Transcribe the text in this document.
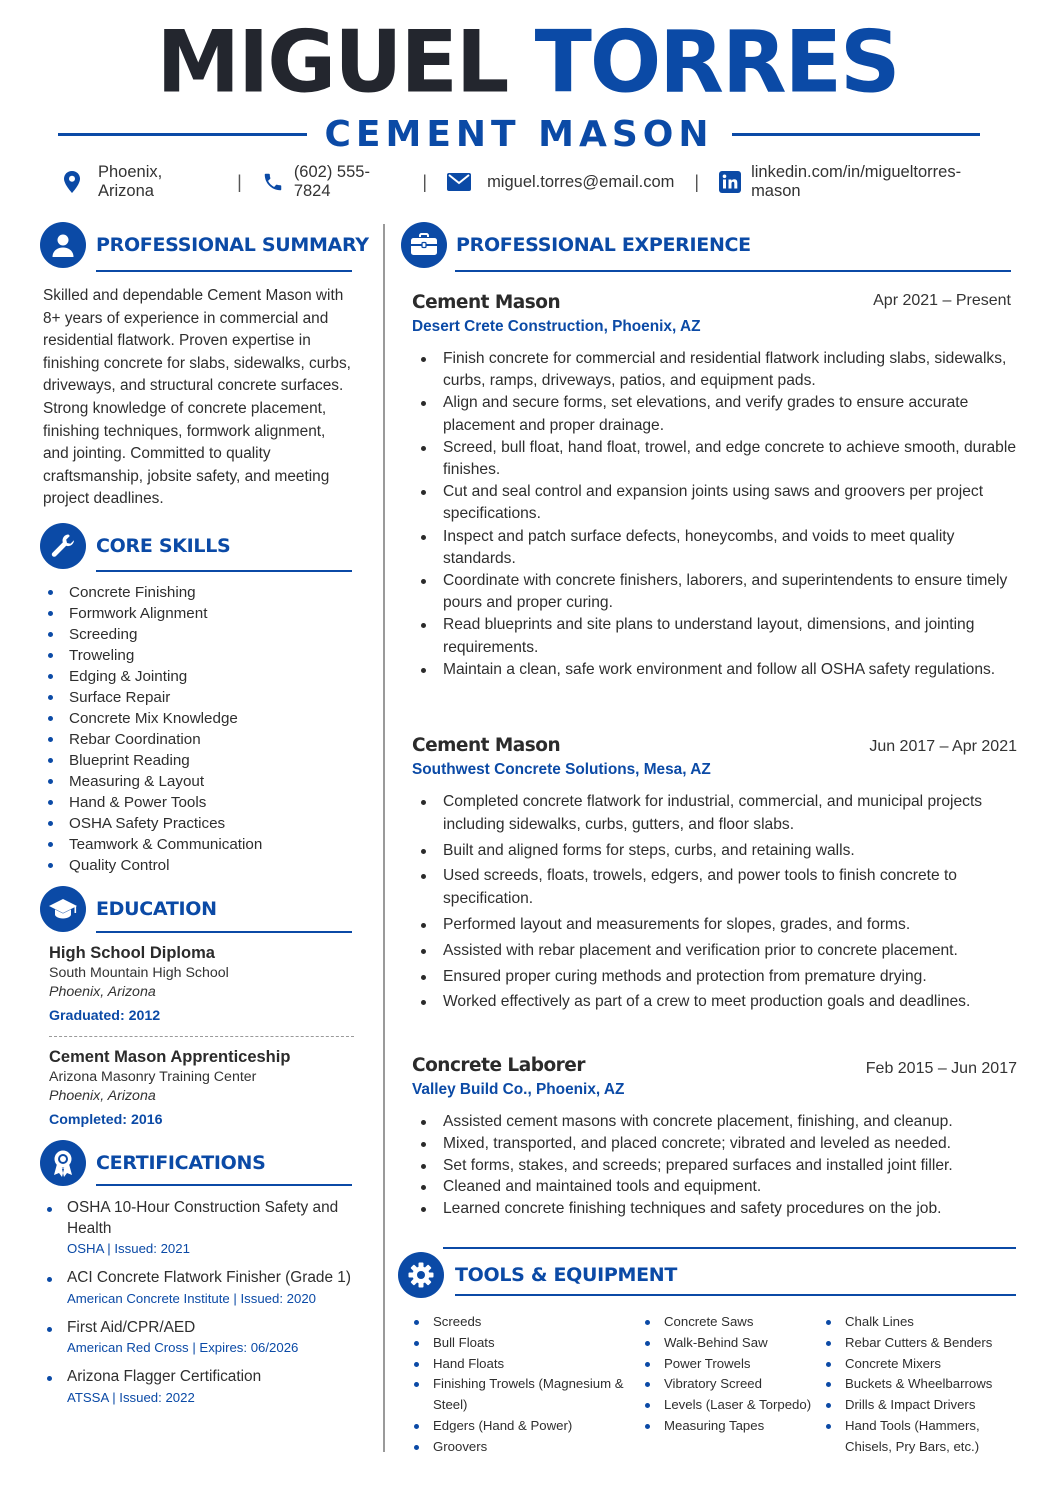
MIGUEL TORRES
CEMENT MASON
Phoenix, Arizona	|	(602) 555-7824	|	miguel.torres@email.com |	linkedin.com/in/migueltorres-mason
PROFESSIONAL SUMMARY
Skilled and dependable Cement Mason with 8+ years of experience in commercial and residential flatwork. Proven expertise in finishing concrete for slabs, sidewalks, curbs, driveways, and structural concrete surfaces. Strong knowledge of concrete placement, finishing techniques, formwork alignment, and jointing. Committed to quality craftsmanship, jobsite safety, and meeting project deadlines.
CORE SKILLS
Concrete Finishing
Formwork Alignment
Screeding
Troweling
Edging & Jointing
Surface Repair
Concrete Mix Knowledge
Rebar Coordination
Blueprint Reading
Measuring & Layout
Hand & Power Tools
OSHA Safety Practices
Teamwork & Communication
Quality Control
EDUCATION
High School Diploma
South Mountain High School
Phoenix, Arizona
Graduated: 2012
Cement Mason Apprenticeship
Arizona Masonry Training Center
Phoenix, Arizona
Completed: 2016
CERTIFICATIONS
OSHA 10-Hour Construction Safety and Health
OSHA | Issued: 2021
ACI Concrete Flatwork Finisher (Grade 1)
American Concrete Institute | Issued: 2020
First Aid/CPR/AED
American Red Cross | Expires: 06/2026
Arizona Flagger Certification
ATSSA | Issued: 2022
PROFESSIONAL EXPERIENCE
Cement Mason	Apr 2021 – Present
Desert Crete Construction, Phoenix, AZ
Finish concrete for commercial and residential flatwork including slabs, sidewalks, curbs, ramps, driveways, patios, and equipment pads.
Align and secure forms, set elevations, and verify grades to ensure accurate placement and proper drainage.
Screed, bull float, hand float, trowel, and edge concrete to achieve smooth, durable finishes.
Cut and seal control and expansion joints using saws and groovers per project specifications.
Inspect and patch surface defects, honeycombs, and voids to meet quality standards.
Coordinate with concrete finishers, laborers, and superintendents to ensure timely pours and proper curing.
Read blueprints and site plans to understand layout, dimensions, and jointing requirements.
Maintain a clean, safe work environment and follow all OSHA safety regulations.
Cement Mason	Jun 2017 – Apr 2021
Southwest Concrete Solutions, Mesa, AZ
Completed concrete flatwork for industrial, commercial, and municipal projects including sidewalks, curbs, gutters, and floor slabs.
Built and aligned forms for steps, curbs, and retaining walls.
Used screeds, floats, trowels, edgers, and power tools to finish concrete to specification.
Performed layout and measurements for slopes, grades, and forms.
Assisted with rebar placement and verification prior to concrete placement.
Ensured proper curing methods and protection from premature drying.
Worked effectively as part of a crew to meet production goals and deadlines.
Concrete Laborer	Feb 2015 – Jun 2017
Valley Build Co., Phoenix, AZ
Assisted cement masons with concrete placement, finishing, and cleanup.
Mixed, transported, and placed concrete; vibrated and leveled as needed.
Set forms, stakes, and screeds; prepared surfaces and installed joint filler.
Cleaned and maintained tools and equipment.
Learned concrete finishing techniques and safety procedures on the job.
TOOLS & EQUIPMENT
Screeds
Bull Floats
Hand Floats
Finishing Trowels (Magnesium & Steel)
Edgers (Hand & Power)
Groovers
Concrete Saws
Walk-Behind Saw
Power Trowels
Vibratory Screed
Levels (Laser & Torpedo)
Measuring Tapes
Chalk Lines
Rebar Cutters & Benders
Concrete Mixers
Buckets & Wheelbarrows
Drills & Impact Drivers
Hand Tools (Hammers, Chisels, Pry Bars, etc.)
